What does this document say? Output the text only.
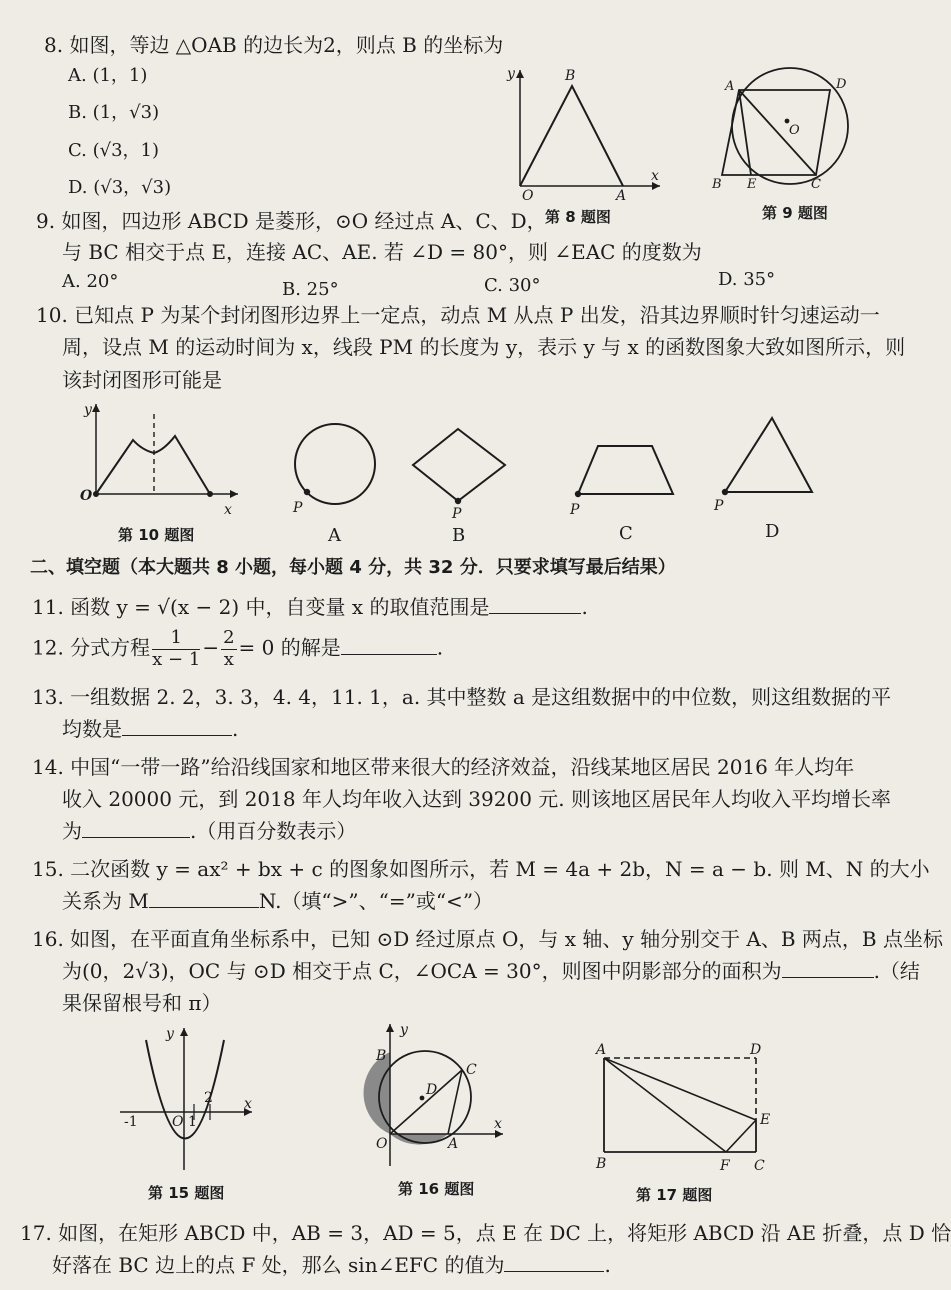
8. 如图，等边 △OAB 的边长为2，则点 B 的坐标为
A. (1，1)
B. (1，√3)
C. (√3，1)
D. (√3，√3)
y
x
O	A
B
第 8 题图
A	D
O
B E	C
第 9 题图
9. 如图，四边形 ABCD 是菱形，⊙O 经过点 A、C、D，
与 BC 相交于点 E，连接 AC、AE. 若 ∠D = 80°，则 ∠EAC 的度数为
A. 20°	B. 25°	C. 30°	D. 35°
10. 已知点 P 为某个封闭图形边界上一定点，动点 M 从点 P 出发，沿其边界顺时针匀速运动一
周，设点 M 的运动时间为 x，线段 PM 的长度为 y，表示 y 与 x 的函数图象大致如图所示，则
该封闭图形可能是
y
x
O
第 10 题图
P
A
P
B
P
C
P
D
二、填空题（本大题共 8 小题，每小题 4 分，共 32 分．只要求填写最后结果）
11. 函数 y = √(x − 2) 中，自变量 x 的取值范围是	.
12. 分式方程 $\frac{1}{x - 1} - \frac{2}{x} = 0$ 的解是	.
13. 一组数据 2. 2，3. 3，4. 4，11. 1，a. 其中整数 a 是这组数据中的中位数，则这组数据的平
均数是	.
14. 中国“一带一路”给沿线国家和地区带来很大的经济效益，沿线某地区居民 2016 年人均年
收入 20000 元，到 2018 年人均年收入达到 39200 元. 则该地区居民年人均收入平均增长率
为	.（用百分数表示）
15. 二次函数 y = ax² + bx + c 的图象如图所示，若 M = 4a + 2b，N = a − b. 则 M、N 的大小
关系为 M	N.（填“>”、“=”或“<”）
16. 如图，在平面直角坐标系中，已知 ⊙D 经过原点 O，与 x 轴、y 轴分别交于 A、B 两点，B 点坐标
为(0，2√3)，OC 与 ⊙D 相交于点 C，∠OCA = 30°，则图中阴影部分的面积为	.（结
果保留根号和 π）
y
x
-1 O 1
2
第 15 题图
y
x
B
D
C
O	A
第 16 题图
A	D
E
B	F C
第 17 题图
17. 如图，在矩形 ABCD 中，AB = 3，AD = 5，点 E 在 DC 上，将矩形 ABCD 沿 AE 折叠，点 D 恰
好落在 BC 边上的点 F 处，那么 sin∠EFC 的值为	.
